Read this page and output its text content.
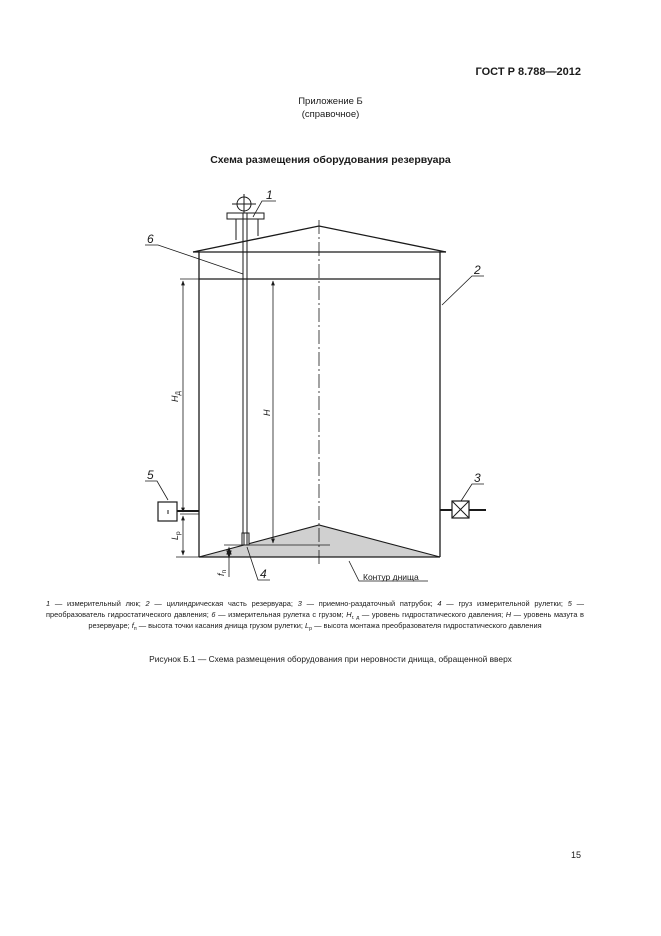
ГОСТ Р 8.788—2012
Приложение Б
(справочное)
Схема размещения оборудования резервуара
1
2
3
4
5
6
$H_Д$
H
$L_р$
$f_п$
Контур днища
1 — измерительный люк; 2 — цилиндрическая часть резервуара; 3 — приемно-раздаточный патрубок; 4 — груз измерительной рулетки; 5 — преобразователь гидростатического давления; 6 — измерительная рулетка с грузом; $H_{г. д}$ — уровень гидростатического давления; H — уровень мазута в резервуаре; $f_п$ — высота точки касания днища грузом рулетки; $L_р$ — высота монтажа преобразователя гидростатического давления
Рисунок Б.1 — Схема размещения оборудования при неровности днища, обращенной вверх
15
